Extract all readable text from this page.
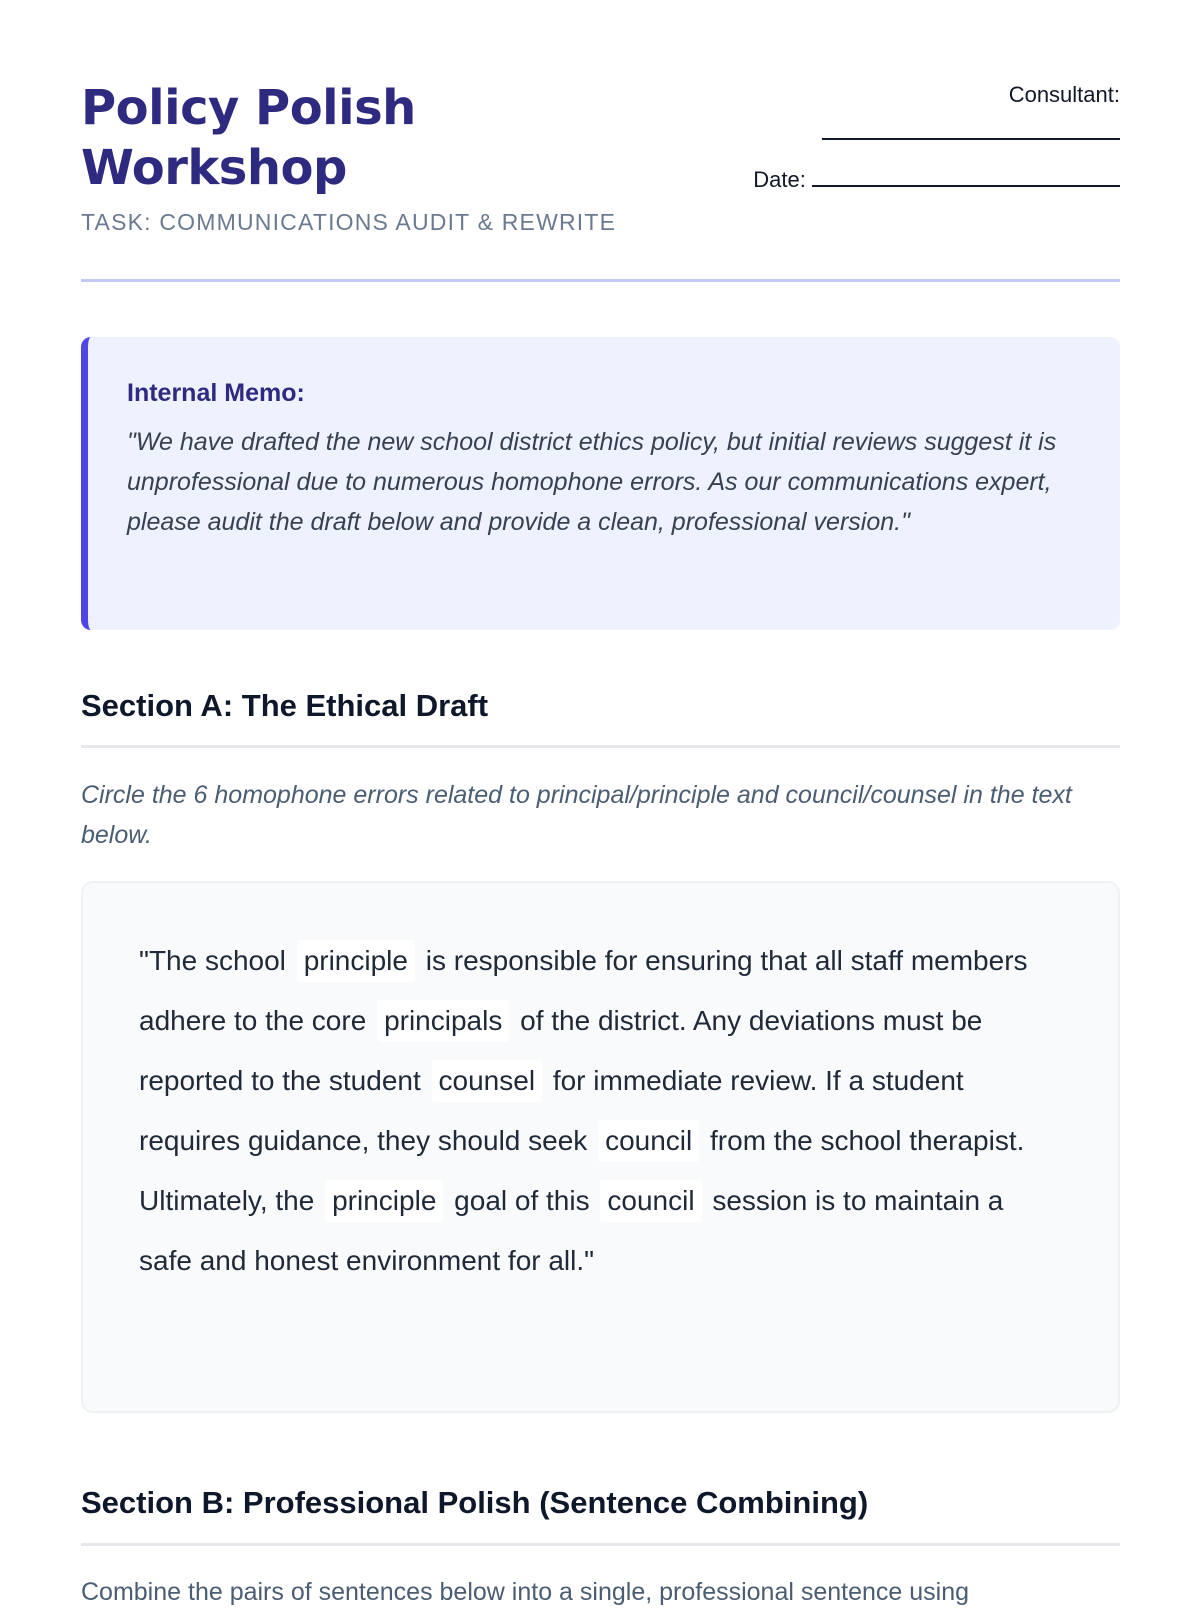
Policy Polish
Workshop
TASK: COMMUNICATIONS AUDIT & REWRITE
Consultant:
Date:
Internal Memo:

"We have drafted the new school district ethics policy, but initial reviews suggest it is unprofessional due to numerous homophone errors. As our communications expert, please audit the draft below and provide a clean, professional version."

Section A: The Ethical Draft

Circle the 6 homophone errors related to principal/principle and council/counsel in the text below.

"The school principle is responsible for ensuring that all staff members adhere to the core principals of the district. Any deviations must be reported to the student counsel for immediate review. If a student requires guidance, they should seek council from the school therapist. Ultimately, the principle goal of this council session is to maintain a safe and honest environment for all."

Section B: Professional Polish (Sentence Combining)

Combine the pairs of sentences below into a single, professional sentence using
